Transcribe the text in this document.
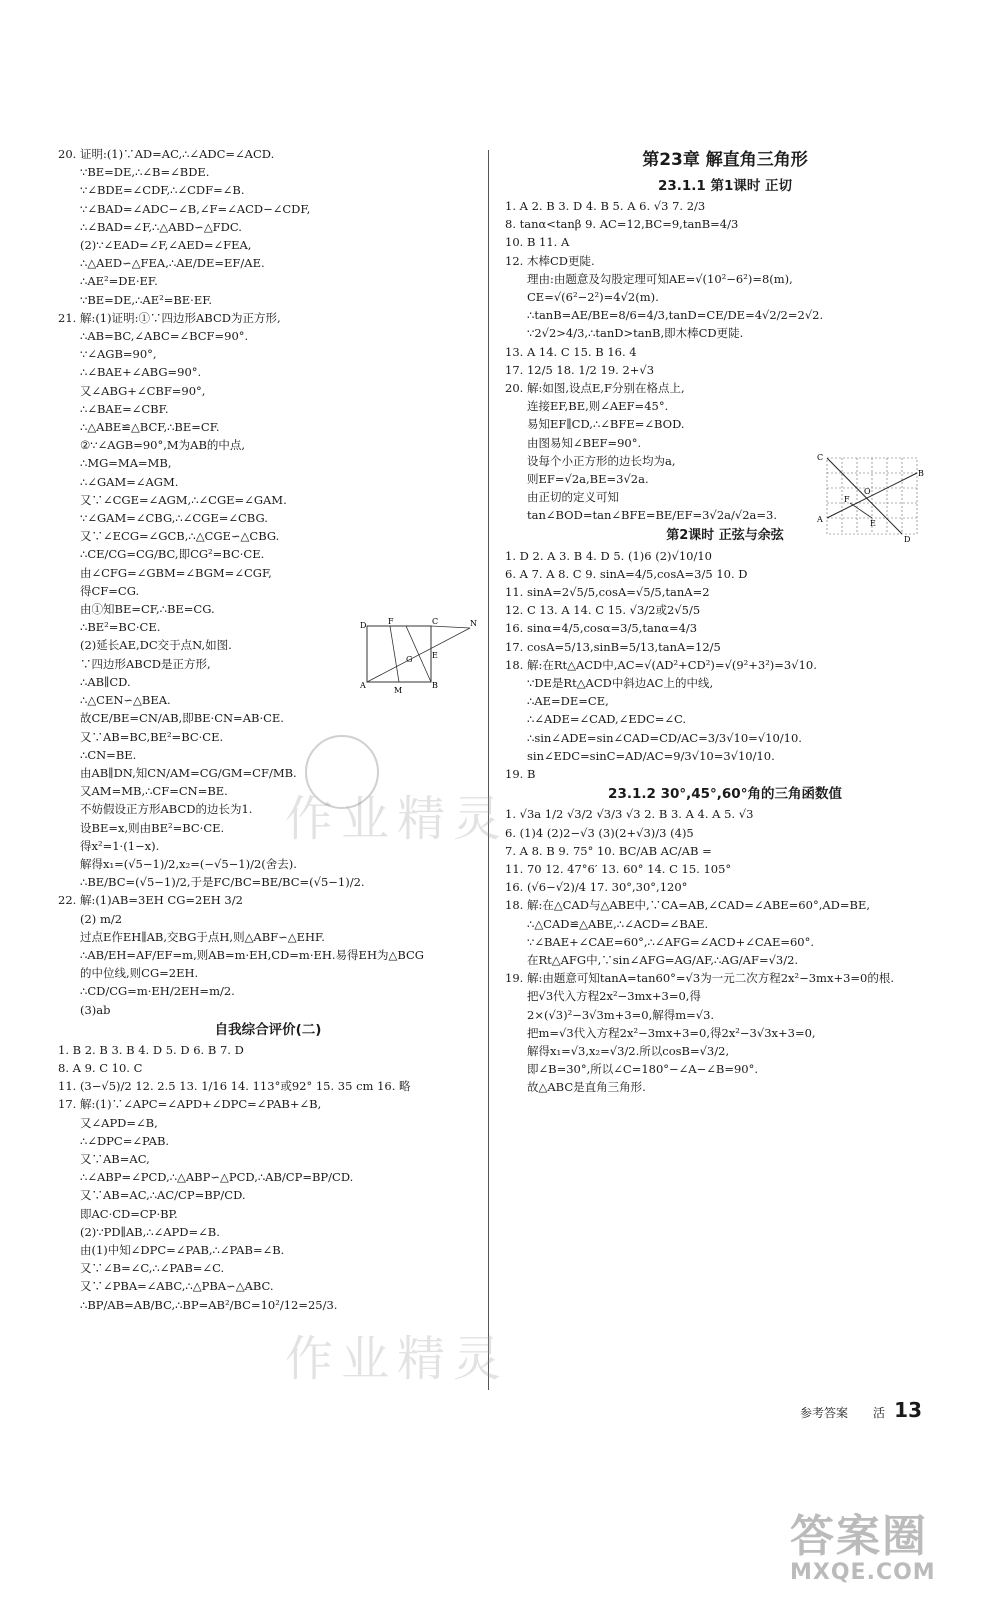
20. 证明:(1)∵AD=AC,∴∠ADC=∠ACD.
∵BE=DE,∴∠B=∠BDE.
∵∠BDE=∠CDF,∴∠CDF=∠B.
∵∠BAD=∠ADC−∠B,∠F=∠ACD−∠CDF,
∴∠BAD=∠F,∴△ABD∽△FDC.
(2)∵∠EAD=∠F,∠AED=∠FEA,
∴△AED∽△FEA,∴AE/DE=EF/AE.
∴AE²=DE·EF.
∵BE=DE,∴AE²=BE·EF.
21. 解:(1)证明:①∵四边形ABCD为正方形,
∴AB=BC,∠ABC=∠BCF=90°.
∵∠AGB=90°,
∴∠BAE+∠ABG=90°.
又∠ABG+∠CBF=90°,
∴∠BAE=∠CBF.
∴△ABE≌△BCF,∴BE=CF.
②∵∠AGB=90°,M为AB的中点,
∴MG=MA=MB,
∴∠GAM=∠AGM.
又∵∠CGE=∠AGM,∴∠CGE=∠GAM.
∵∠GAM=∠CBG,∴∠CGE=∠CBG.
又∵∠ECG=∠GCB,∴△CGE∽△CBG.
∴CE/CG=CG/BC,即CG²=BC·CE.
由∠CFG=∠GBM=∠BGM=∠CGF,
得CF=CG.
由①知BE=CF,∴BE=CG.
∴BE²=BC·CE.
(2)延长AE,DC交于点N,如图.
∵四边形ABCD是正方形,
∴AB∥CD.
∴△CEN∽△BEA.
故CE/BE=CN/AB,即BE·CN=AB·CE.
又∵AB=BC,BE²=BC·CE.
∴CN=BE.
由AB∥DN,知CN/AM=CG/GM=CF/MB.
又AM=MB,∴CF=CN=BE.
不妨假设正方形ABCD的边长为1.
设BE=x,则由BE²=BC·CE.
得x²=1·(1−x).
解得x₁=(√5−1)/2,x₂=(−√5−1)/2(舍去).
∴BE/BC=(√5−1)/2,于是FC/BC=BE/BC=(√5−1)/2.
22. 解:(1)AB=3EH CG=2EH 3/2
(2) m/2
过点E作EH∥AB,交BG于点H,则△ABF∽△EHF.
∴AB/EH=AF/EF=m,则AB=m·EH,CD=m·EH.易得EH为△BCG
的中位线,则CG=2EH.
∴CD/CG=m·EH/2EH=m/2.
(3)ab
自我综合评价(二)
1. B 2. B 3. B 4. D 5. D 6. B 7. D
8. A 9. C 10. C
11. (3−√5)/2 12. 2.5 13. 1/16 14. 113°或92° 15. 35 cm 16. 略
17. 解:(1)∵∠APC=∠APD+∠DPC=∠PAB+∠B,
又∠APD=∠B,
∴∠DPC=∠PAB.
又∵AB=AC,
∴∠ABP=∠PCD,∴△ABP∽△PCD,∴AB/CP=BP/CD.
又∵AB=AC,∴AC/CP=BP/CD.
即AC·CD=CP·BP.
(2)∵PD∥AB,∴∠APD=∠B.
由(1)中知∠DPC=∠PAB,∴∠PAB=∠B.
又∵∠B=∠C,∴∠PAB=∠C.
又∵∠PBA=∠ABC,∴△PBA∽△ABC.
∴BP/AB=AB/BC,∴BP=AB²/BC=10²/12=25/3.
第23章 解直角三角形
23.1.1 第1课时 正切
1. A 2. B 3. D 4. B 5. A 6. √3 7. 2/3
8. tanα<tanβ 9. AC=12,BC=9,tanB=4/3
10. B 11. A
12. 木棒CD更陡.
理由:由题意及勾股定理可知AE=√(10²−6²)=8(m),
CE=√(6²−2²)=4√2(m).
∴tanB=AE/BE=8/6=4/3,tanD=CE/DE=4√2/2=2√2.
∵2√2>4/3,∴tanD>tanB,即木棒CD更陡.
13. A 14. C 15. B 16. 4
17. 12/5 18. 1/2 19. 2+√3
20. 解:如图,设点E,F分别在格点上,
连接EF,BE,则∠AEF=45°.
易知EF∥CD,∴∠BFE=∠BOD.
由图易知∠BEF=90°.
设每个小正方形的边长均为a,
则EF=√2a,BE=3√2a.
由正切的定义可知
tan∠BOD=tan∠BFE=BE/EF=3√2a/√2a=3.
第2课时 正弦与余弦
1. D 2. A 3. B 4. D 5. (1)6 (2)√10/10
6. A 7. A 8. C 9. sinA=4/5,cosA=3/5 10. D
11. sinA=2√5/5,cosA=√5/5,tanA=2
12. C 13. A 14. C 15. √3/2或2√5/5
16. sinα=4/5,cosα=3/5,tanα=4/3
17. cosA=5/13,sinB=5/13,tanA=12/5
18. 解:在Rt△ACD中,AC=√(AD²+CD²)=√(9²+3²)=3√10.
∵DE是Rt△ACD中斜边AC上的中线,
∴AE=DE=CE,
∴∠ADE=∠CAD,∠EDC=∠C.
∴sin∠ADE=sin∠CAD=CD/AC=3/3√10=√10/10.
sin∠EDC=sinC=AD/AC=9/3√10=3√10/10.
19. B
23.1.2 30°,45°,60°角的三角函数值
1. √3a 1/2 √3/2 √3/3 √3 2. B 3. A 4. A 5. √3
6. (1)4 (2)2−√3 (3)(2+√3)/3 (4)5
7. A 8. B 9. 75° 10. BC/AB AC/AB =
11. 70 12. 47°6′ 13. 60° 14. C 15. 105°
16. (√6−√2)/4 17. 30°,30°,120°
18. 解:在△CAD与△ABE中,∵CA=AB,∠CAD=∠ABE=60°,AD=BE,
∴△CAD≌△ABE,∴∠ACD=∠BAE.
∵∠BAE+∠CAE=60°,∴∠AFG=∠ACD+∠CAE=60°.
在Rt△AFG中,∵sin∠AFG=AG/AF,∴AG/AF=√3/2.
19. 解:由题意可知tanA=tan60°=√3为一元二次方程2x²−3mx+3=0的根.
把√3代入方程2x²−3mx+3=0,得
2×(√3)²−3√3m+3=0,解得m=√3.
把m=√3代入方程2x²−3mx+3=0,得2x²−3√3x+3=0,
解得x₁=√3,x₂=√3/2.所以cosB=√3/2,
即∠B=30°,所以∠C=180°−∠A−∠B=90°.
故△ABC是直角三角形.
D	F	C	N
G E
A
M
B
C
B
A
D
F
O
E
作业精灵
作业精灵
参考答案 活 13
答案圈
MXQE.COM
